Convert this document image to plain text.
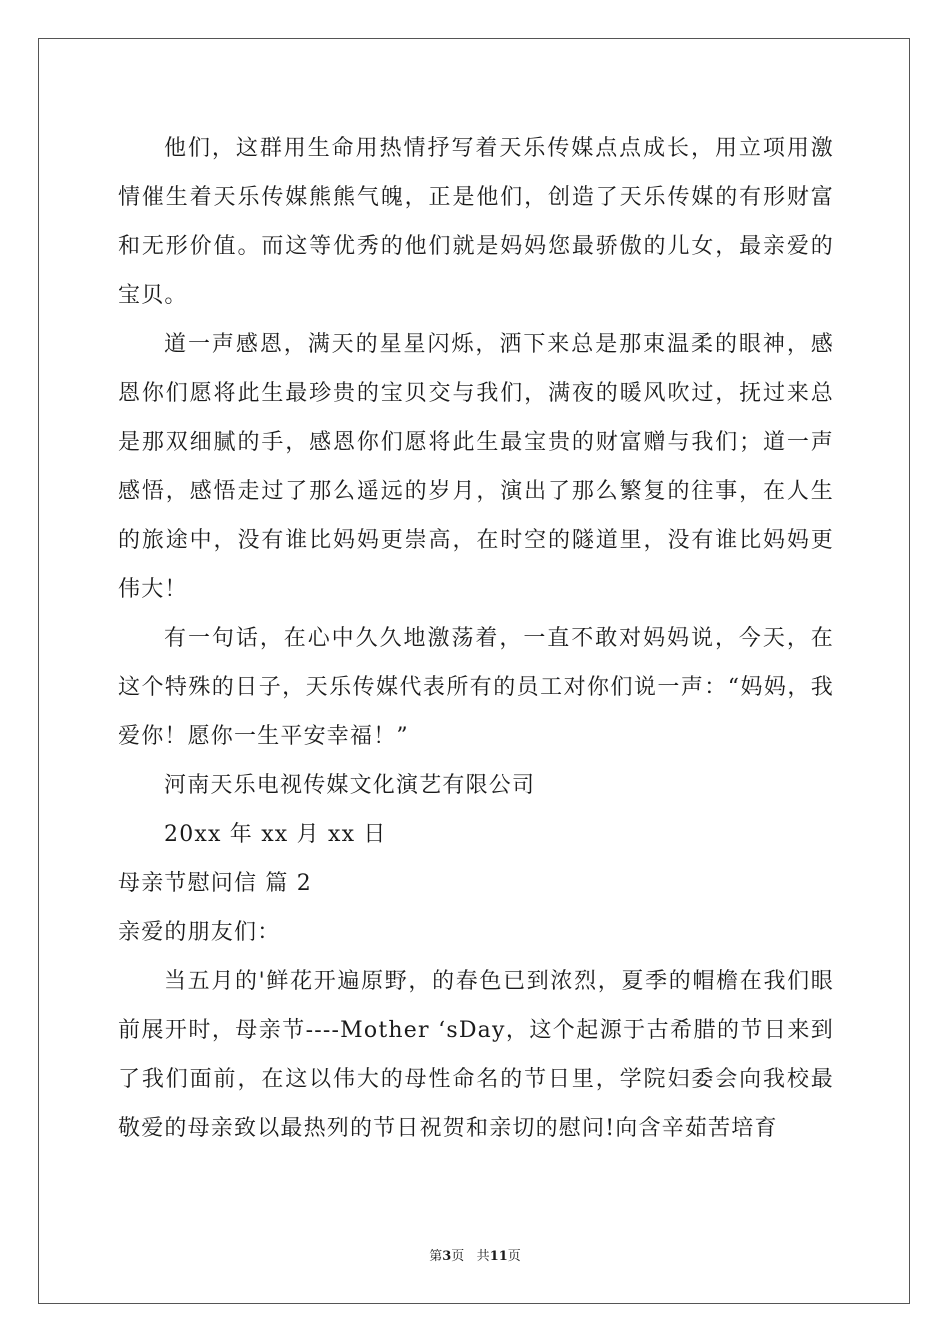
他们，这群用生命用热情抒写着天乐传媒点点成长，用立项用激情催生着天乐传媒熊熊气魄，正是他们，创造了天乐传媒的有形财富和无形价值。而这等优秀的他们就是妈妈您最骄傲的儿女，最亲爱的宝贝。

道一声感恩，满天的星星闪烁，洒下来总是那束温柔的眼神，感恩你们愿将此生最珍贵的宝贝交与我们，满夜的暖风吹过，抚过来总是那双细腻的手，感恩你们愿将此生最宝贵的财富赠与我们；道一声感悟，感悟走过了那么遥远的岁月，演出了那么繁复的往事，在人生的旅途中，没有谁比妈妈更崇高，在时空的隧道里，没有谁比妈妈更伟大！

有一句话，在心中久久地激荡着，一直不敢对妈妈说，今天，在这个特殊的日子，天乐传媒代表所有的员工对你们说一声：“妈妈，我爱你！愿你一生平安幸福！”

河南天乐电视传媒文化演艺有限公司

20xx 年 xx 月 xx 日

母亲节慰问信 篇 2

亲爱的朋友们：

当五月的'鲜花开遍原野，的春色已到浓烈，夏季的帽檐在我们眼前展开时，母亲节----Mother ‘sDay，这个起源于古希腊的节日来到了我们面前，在这以伟大的母性命名的节日里，学院妇委会向我校最敬爱的母亲致以最热列的节日祝贺和亲切的慰问!向含辛茹苦培育

第3页 共11页
